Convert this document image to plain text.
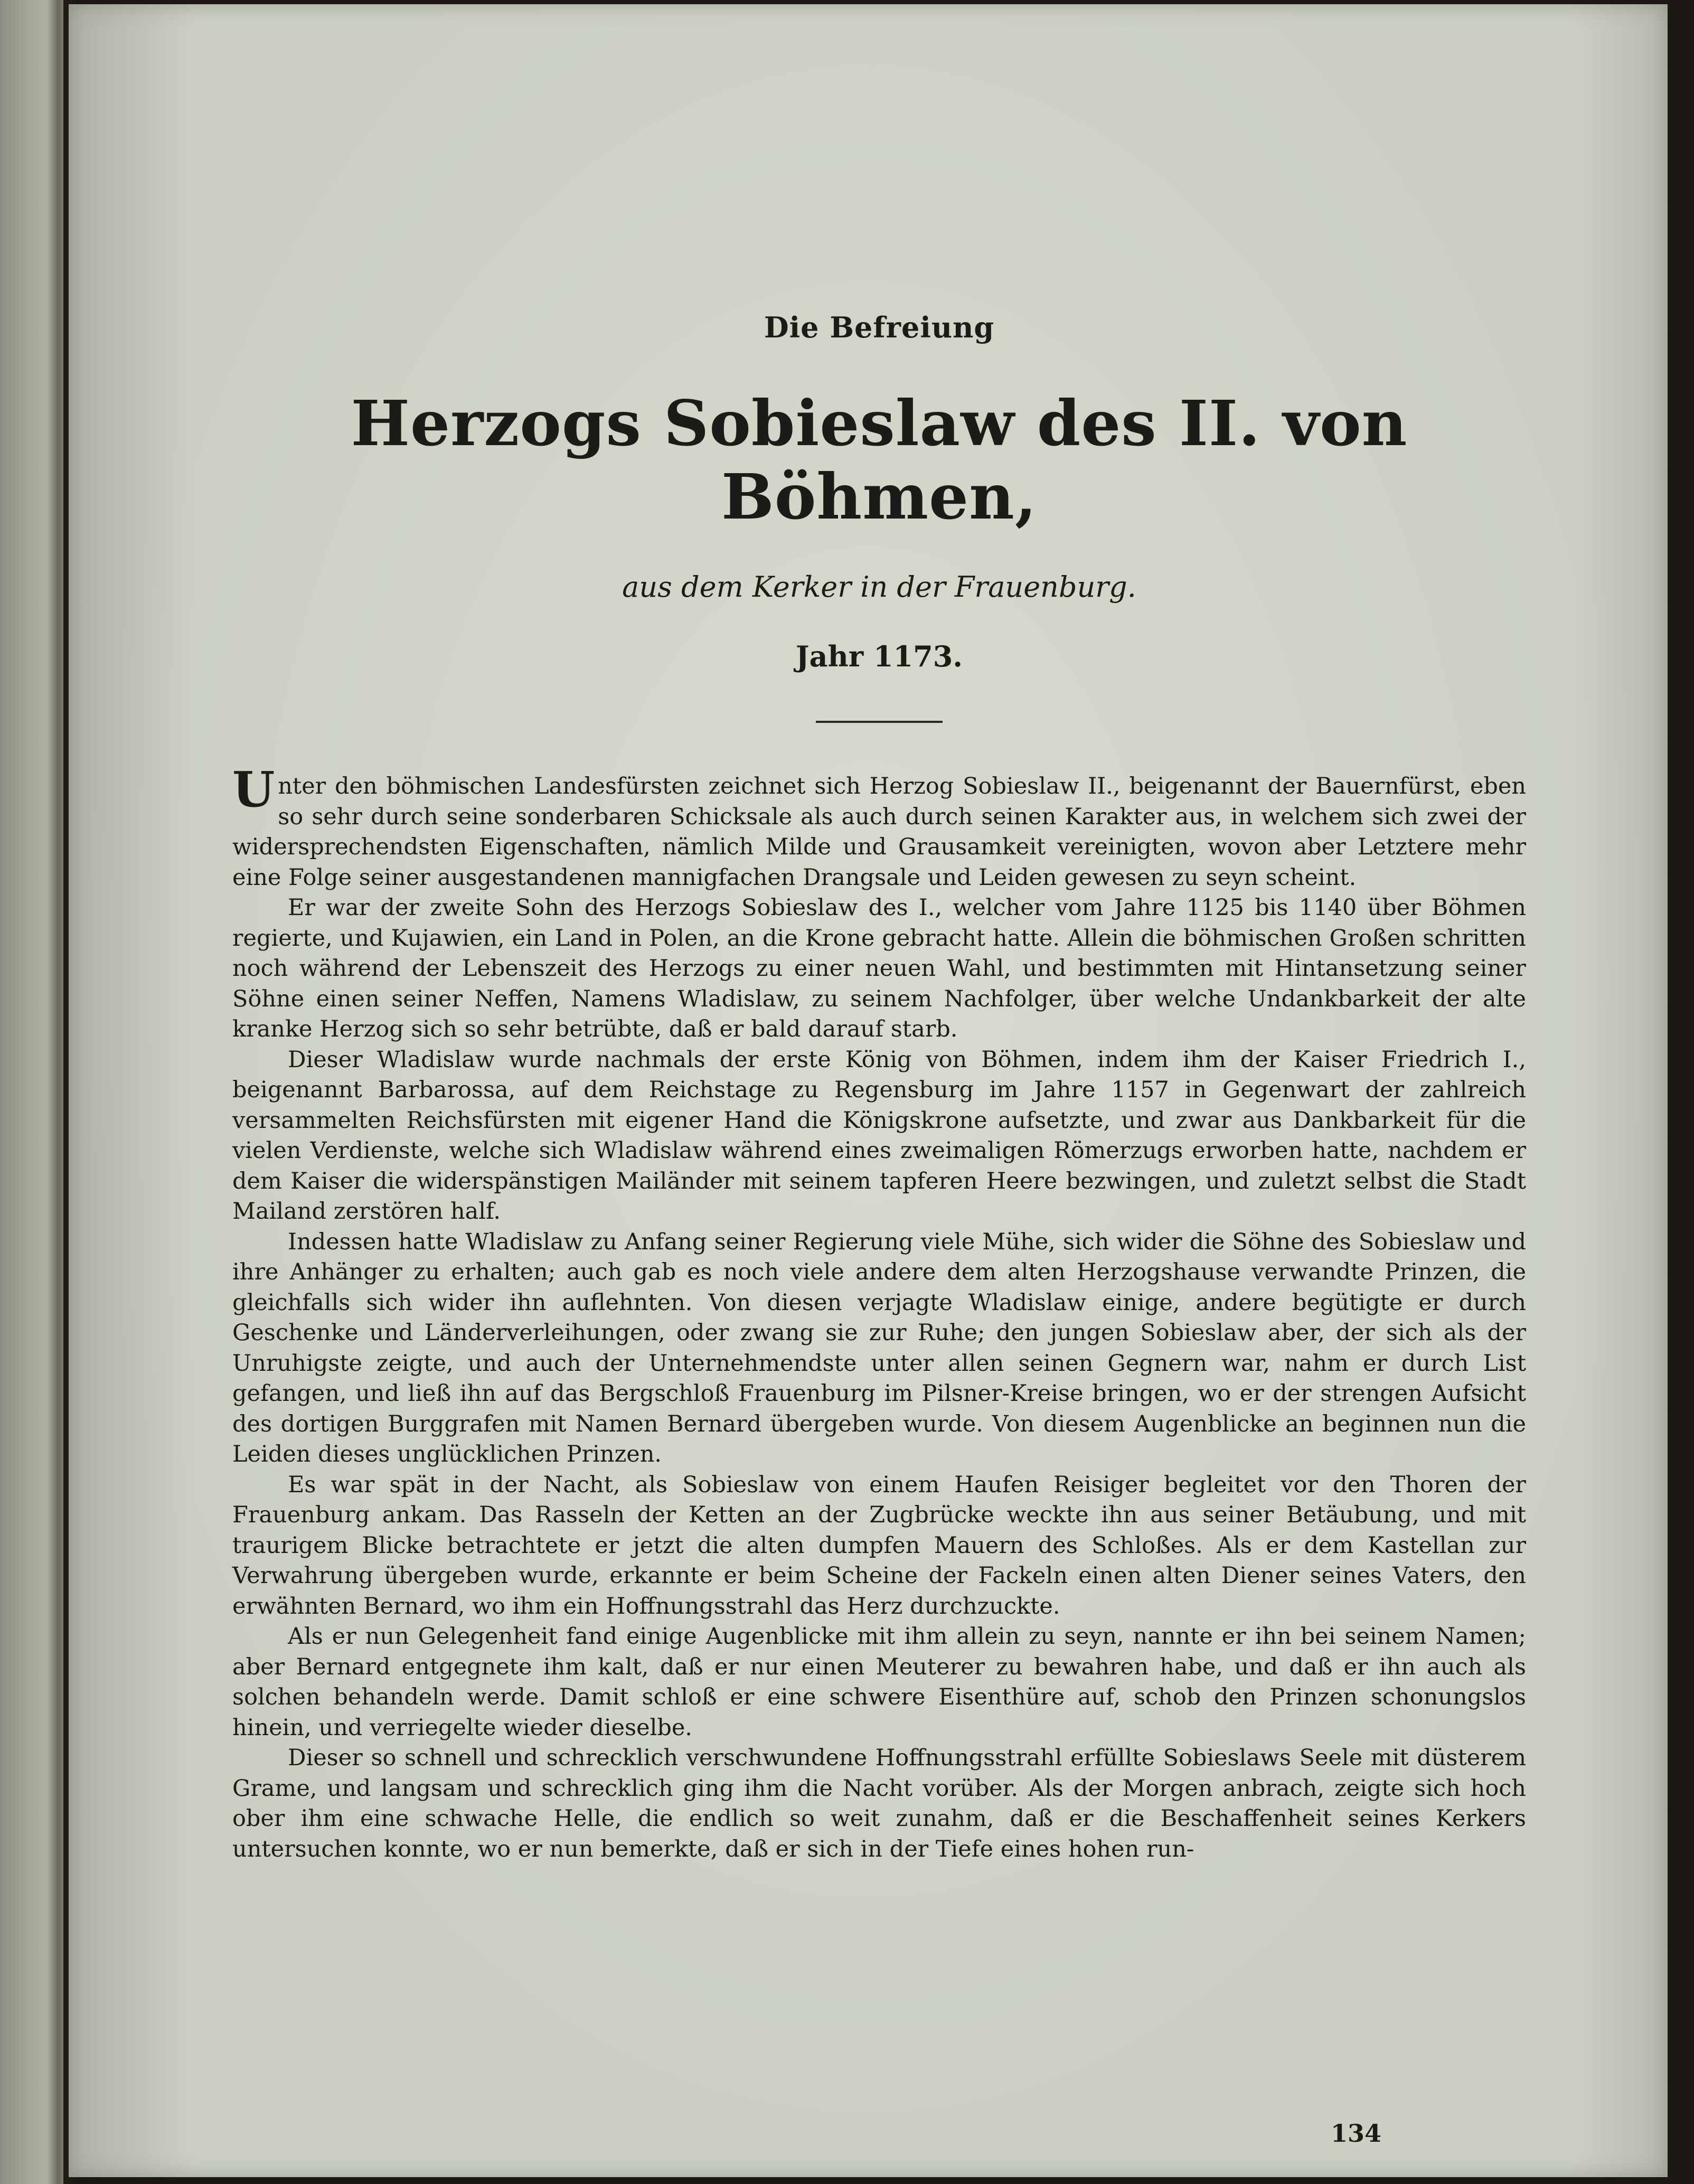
Die Befreiung
Herzogs Sobieslaw des II. von Böhmen,
aus dem Kerker in der Frauenburg.
Jahr 1173.

Unter den böhmischen Landesfürsten zeichnet sich Herzog Sobieslaw II., beigenannt der Bauernfürst, eben so sehr durch seine sonderbaren Schicksale als auch durch seinen Karakter aus, in welchem sich zwei der widersprechendsten Eigenschaften, nämlich Milde und Grausamkeit vereinigten, wovon aber Letztere mehr eine Folge seiner ausgestandenen mannigfachen Drangsale und Leiden gewesen zu seyn scheint.

Er war der zweite Sohn des Herzogs Sobieslaw des I., welcher vom Jahre 1125 bis 1140 über Böhmen regierte, und Kujawien, ein Land in Polen, an die Krone gebracht hatte. Allein die böhmischen Großen schritten noch während der Lebenszeit des Herzogs zu einer neuen Wahl, und bestimmten mit Hintansetzung seiner Söhne einen seiner Neffen, Namens Wladislaw, zu seinem Nachfolger, über welche Undankbarkeit der alte kranke Herzog sich so sehr betrübte, daß er bald darauf starb.

Dieser Wladislaw wurde nachmals der erste König von Böhmen, indem ihm der Kaiser Friedrich I., beigenannt Barbarossa, auf dem Reichstage zu Regensburg im Jahre 1157 in Gegenwart der zahlreich versammelten Reichsfürsten mit eigener Hand die Königskrone aufsetzte, und zwar aus Dankbarkeit für die vielen Verdienste, welche sich Wladislaw während eines zweimaligen Römerzugs erworben hatte, nachdem er dem Kaiser die widerspänstigen Mailänder mit seinem tapferen Heere bezwingen, und zuletzt selbst die Stadt Mailand zerstören half.

Indessen hatte Wladislaw zu Anfang seiner Regierung viele Mühe, sich wider die Söhne des Sobieslaw und ihre Anhänger zu erhalten; auch gab es noch viele andere dem alten Herzogshause verwandte Prinzen, die gleichfalls sich wider ihn auflehnten. Von diesen verjagte Wladislaw einige, andere begütigte er durch Geschenke und Länderverleihungen, oder zwang sie zur Ruhe; den jungen Sobieslaw aber, der sich als der Unruhigste zeigte, und auch der Unternehmendste unter allen seinen Gegnern war, nahm er durch List gefangen, und ließ ihn auf das Bergschloß Frauenburg im Pilsner-Kreise bringen, wo er der strengen Aufsicht des dortigen Burggrafen mit Namen Bernard übergeben wurde. Von diesem Augenblicke an beginnen nun die Leiden dieses unglücklichen Prinzen.

Es war spät in der Nacht, als Sobieslaw von einem Haufen Reisiger begleitet vor den Thoren der Frauenburg ankam. Das Rasseln der Ketten an der Zugbrücke weckte ihn aus seiner Betäubung, und mit traurigem Blicke betrachtete er jetzt die alten dumpfen Mauern des Schloßes. Als er dem Kastellan zur Verwahrung übergeben wurde, erkannte er beim Scheine der Fackeln einen alten Diener seines Vaters, den erwähnten Bernard, wo ihm ein Hoffnungsstrahl das Herz durchzuckte.

Als er nun Gelegenheit fand einige Augenblicke mit ihm allein zu seyn, nannte er ihn bei seinem Namen; aber Bernard entgegnete ihm kalt, daß er nur einen Meuterer zu bewahren habe, und daß er ihn auch als solchen behandeln werde. Damit schloß er eine schwere Eisenthüre auf, schob den Prinzen schonungslos hinein, und verriegelte wieder dieselbe.

Dieser so schnell und schrecklich verschwundene Hoffnungsstrahl erfüllte Sobieslaws Seele mit düsterem Grame, und langsam und schrecklich ging ihm die Nacht vorüber. Als der Morgen anbrach, zeigte sich hoch ober ihm eine schwache Helle, die endlich so weit zunahm, daß er die Beschaffenheit seines Kerkers untersuchen konnte, wo er nun bemerkte, daß er sich in der Tiefe eines hohen run-

134
